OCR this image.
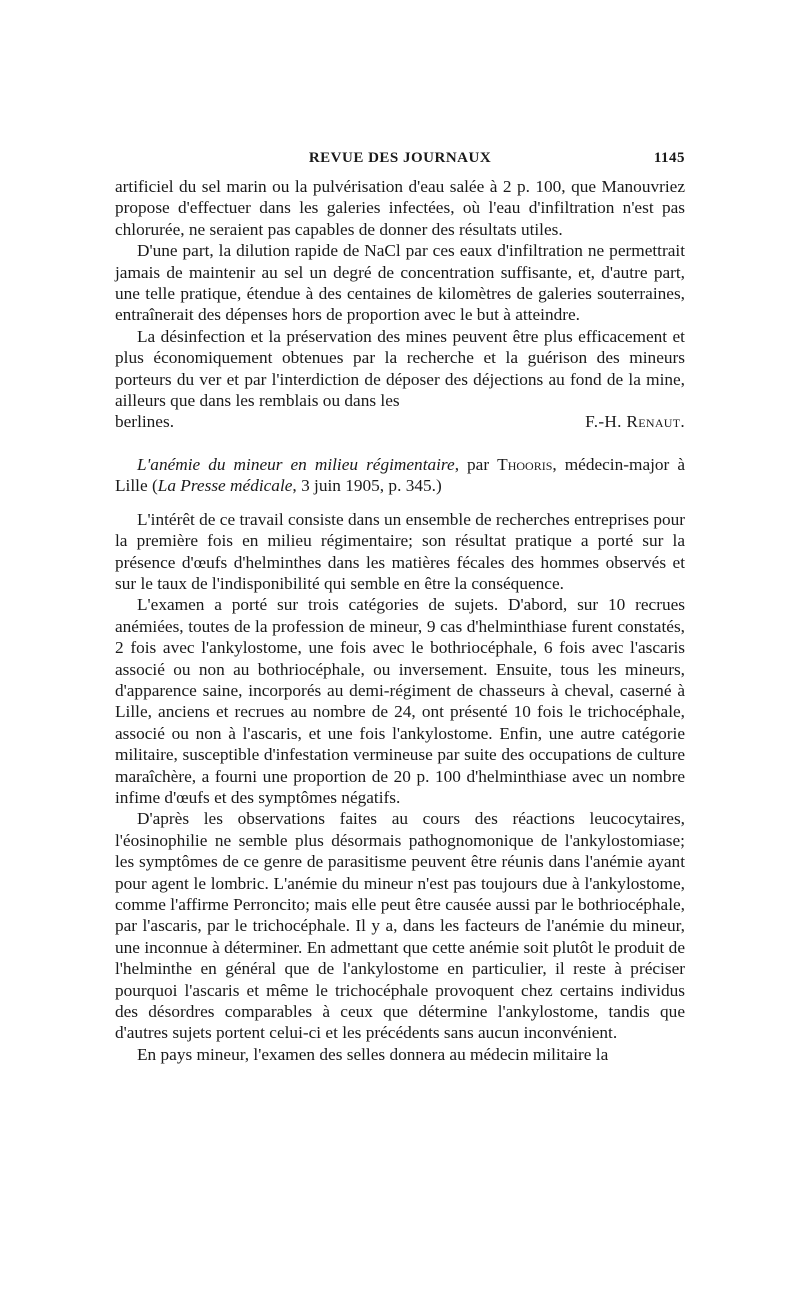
REVUE DES JOURNAUX	1145

artificiel du sel marin ou la pulvérisation d'eau salée à 2 p. 100, que Manouvriez propose d'effectuer dans les galeries infectées, où l'eau d'infiltration n'est pas chlorurée, ne seraient pas capables de donner des résultats utiles.

D'une part, la dilution rapide de NaCl par ces eaux d'infiltration ne permettrait jamais de maintenir au sel un degré de concentration suffisante, et, d'autre part, une telle pratique, étendue à des centaines de kilomètres de galeries souterraines, entraînerait des dépenses hors de proportion avec le but à atteindre.

La désinfection et la préservation des mines peuvent être plus efficacement et plus économiquement obtenues par la recherche et la guérison des mineurs porteurs du ver et par l'interdiction de déposer des déjections au fond de la mine, ailleurs que dans les remblais ou dans les

berlines.	F.-H. Renaut.

L'anémie du mineur en milieu régimentaire, par Thooris, médecin-major à Lille (La Presse médicale, 3 juin 1905, p. 345.)

L'intérêt de ce travail consiste dans un ensemble de recherches entreprises pour la première fois en milieu régimentaire; son résultat pratique a porté sur la présence d'œufs d'helminthes dans les matières fécales des hommes observés et sur le taux de l'indisponibilité qui semble en être la conséquence.

L'examen a porté sur trois catégories de sujets. D'abord, sur 10 recrues anémiées, toutes de la profession de mineur, 9 cas d'helminthiase furent constatés, 2 fois avec l'ankylostome, une fois avec le bothriocéphale, 6 fois avec l'ascaris associé ou non au bothriocéphale, ou inversement. Ensuite, tous les mineurs, d'apparence saine, incorporés au demi-régiment de chasseurs à cheval, caserné à Lille, anciens et recrues au nombre de 24, ont présenté 10 fois le trichocéphale, associé ou non à l'ascaris, et une fois l'ankylostome. Enfin, une autre catégorie militaire, susceptible d'infestation vermineuse par suite des occupations de culture maraîchère, a fourni une proportion de 20 p. 100 d'helminthiase avec un nombre infime d'œufs et des symptômes négatifs.

D'après les observations faites au cours des réactions leucocytaires, l'éosinophilie ne semble plus désormais pathognomonique de l'ankylostomiase; les symptômes de ce genre de parasitisme peuvent être réunis dans l'anémie ayant pour agent le lombric. L'anémie du mineur n'est pas toujours due à l'ankylostome, comme l'affirme Perroncito; mais elle peut être causée aussi par le bothriocéphale, par l'ascaris, par le trichocéphale. Il y a, dans les facteurs de l'anémie du mineur, une inconnue à déterminer. En admettant que cette anémie soit plutôt le produit de l'helminthe en général que de l'ankylostome en particulier, il reste à préciser pourquoi l'ascaris et même le trichocéphale provoquent chez certains individus des désordres comparables à ceux que détermine l'ankylostome, tandis que d'autres sujets portent celui-ci et les précédents sans aucun inconvénient.

En pays mineur, l'examen des selles donnera au médecin militaire la
